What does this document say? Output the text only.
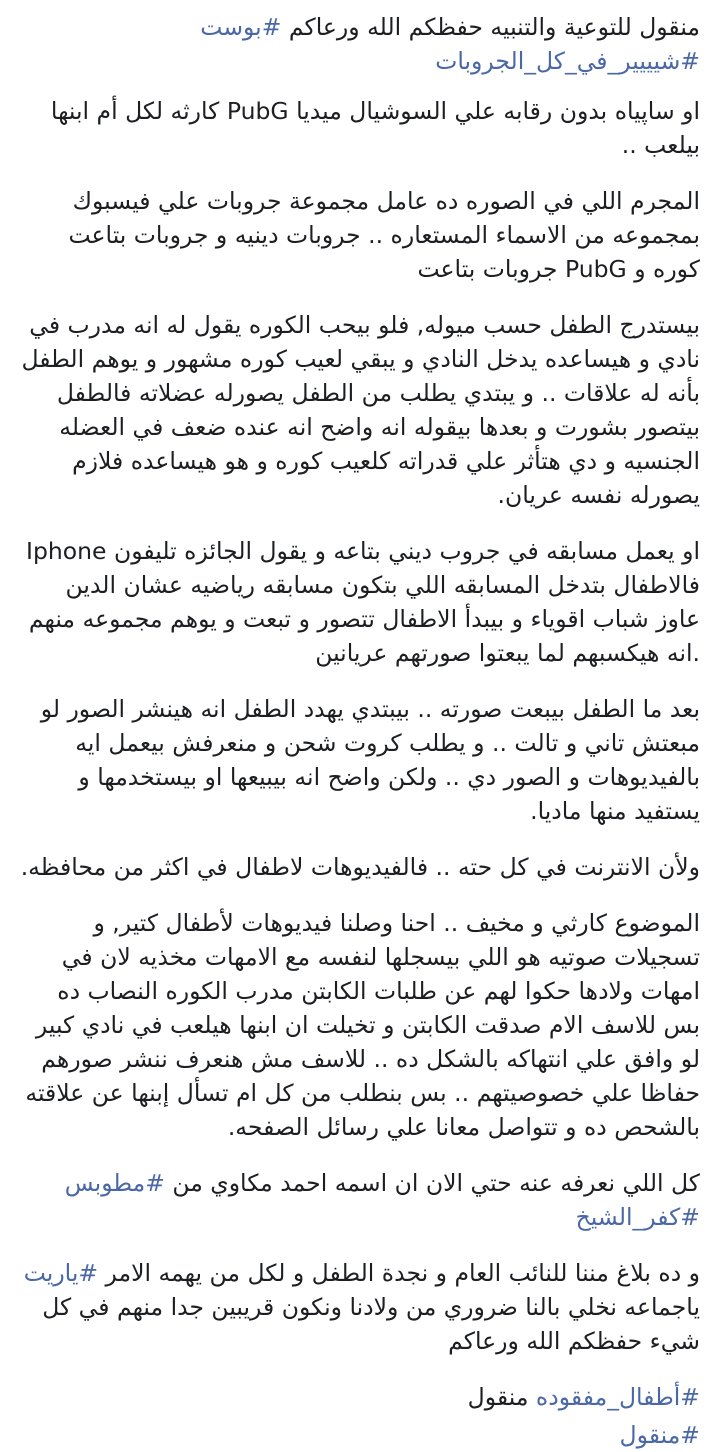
منقول للتوعية والتنبيه حفظكم الله ورعاكم #بوست
#شيييير_في_كل_الجروبات

او ساپياه بدون رقابه علي السوشيال ميديا PubG كارثه لكل أم ابنها بيلعب ..

المجرم اللي في الصوره ده عامل مجموعة جروبات علي فيسبوك بمجموعه من الاسماء المستعاره .. جروبات دينيه و جروبات بتاعت كوره و PubG جروبات بتاعت

بيستدرج الطفل حسب ميوله, فلو بيحب الكوره يقول له انه مدرب في نادي و هيساعده يدخل النادي و يبقي لعيب كوره مشهور و يوهم الطفل بأنه له علاقات .. و يبتدي يطلب من الطفل يصورله عضلاته فالطفل بيتصور بشورت و بعدها بيقوله انه واضح انه عنده ضعف في العضله الجنسيه و دي هتأثر علي قدراته كلعيب كوره و هو هيساعده فلازم يصورله نفسه عريان.

Iphone او يعمل مسابقه في جروب ديني بتاعه و يقول الجائزه تليفون فالاطفال بتدخل المسابقه اللي بتكون مسابقه رياضيه عشان الدين عاوز شباب اقوياء و بيبدأ الاطفال تتصور و تبعت و يوهم مجموعه منهم انه هيكسبهم لما يبعتوا صورتهم عريانين.

بعد ما الطفل بيبعت صورته .. بيبتدي يهدد الطفل انه هينشر الصور لو مبعتش تاني و تالت .. و يطلب كروت شحن و منعرفش بيعمل ايه بالفيديوهات و الصور دي .. ولكن واضح انه بيبيعها او بيستخدمها و يستفيد منها ماديا.

ولأن الانترنت في كل حته .. فالفيديوهات لاطفال في اكثر من محافظه.

الموضوع كارثي و مخيف .. احنا وصلنا فيديوهات لأطفال كتير, و تسجيلات صوتيه هو اللي بيسجلها لنفسه مع الامهات مخذيه لان في امهات ولادها حكوا لهم عن طلبات الكابتن مدرب الكوره النصاب ده بس للاسف الام صدقت الكابتن و تخيلت ان ابنها هيلعب في نادي كبير لو وافق علي انتهاكه بالشكل ده .. للاسف مش هنعرف ننشر صورهم حفاظا علي خصوصيتهم .. بس بنطلب من كل ام تسأل إبنها عن علاقته بالشحص ده و تتواصل معانا علي رسائل الصفحه.

كل اللي نعرفه عنه حتي الان ان اسمه احمد مكاوي من #مطوبس
#كفر_الشيخ

و ده بلاغ مننا للنائب العام و نجدة الطفل و لكل من يهمه الامر #ياريت ياجماعه نخلي بالنا ضروري من ولادنا ونكون قريبين جدا منهم في كل شيء حفظكم الله ورعاكم

#أطفال_مفقوده منقول

#منقول
